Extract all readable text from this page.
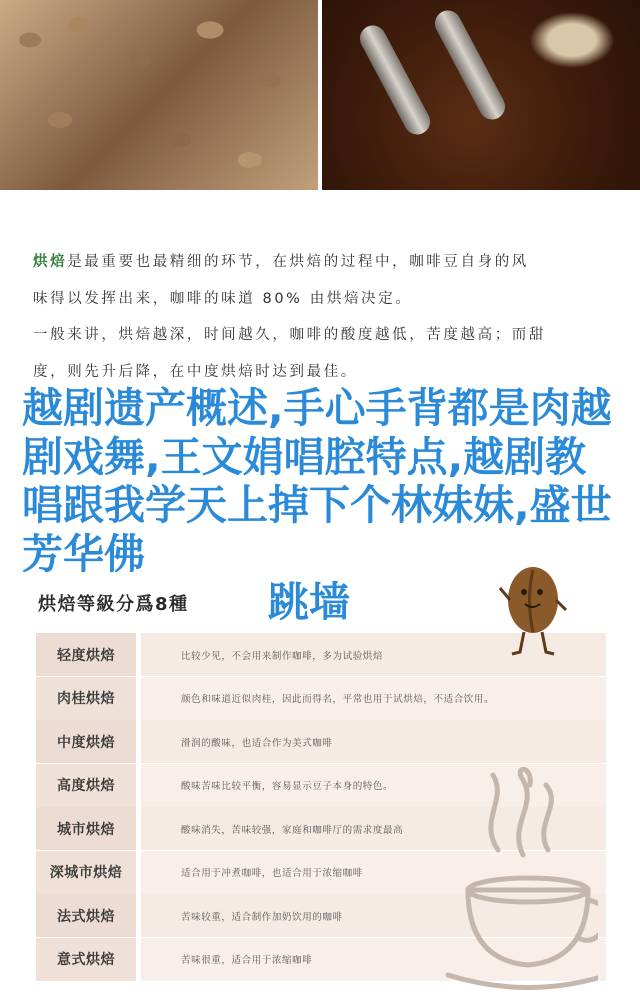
烘焙是最重要也最精细的环节，在烘焙的过程中，咖啡豆自身的风
味得以发挥出来，咖啡的味道 80% 由烘焙决定。
一般来讲，烘焙越深，时间越久，咖啡的酸度越低，苦度越高；而甜
度，则先升后降，在中度烘焙时达到最佳。
烘焙等級分爲8種
轻度烘焙	比较少见，不会用来制作咖啡，多为试验烘焙
肉桂烘焙	颜色和味道近似肉桂，因此而得名，平常也用于试烘焙，不适合饮用。
中度烘焙	滑润的酸味，也适合作为美式咖啡
高度烘焙	酸味苦味比较平衡，容易显示豆子本身的特色。
城市烘焙	酸味消失，苦味较强，家庭和咖啡厅的需求度最高
深城市烘焙	适合用于冲煮咖啡，也适合用于浓缩咖啡
法式烘焙	苦味较重，适合制作加奶饮用的咖啡
意式烘焙	苦味很重，适合用于浓缩咖啡
越剧遗产概述,手心手背都是肉越剧戏舞,王文娟唱腔特点,越剧教唱跟我学天上掉下个林妹妹,盛世芳华佛
跳墙
